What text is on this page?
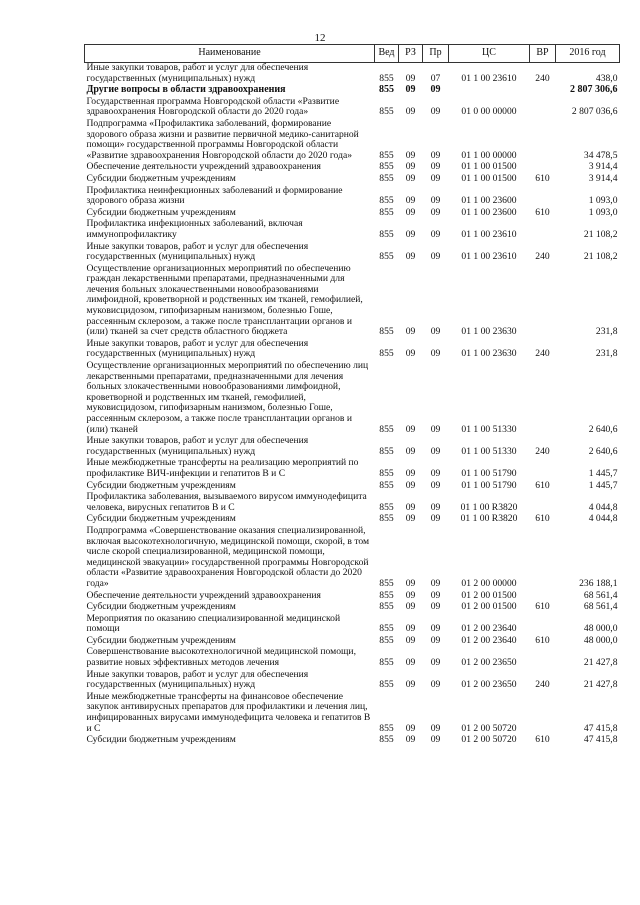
12
Наименование	Вед	РЗ	Пр	ЦС	ВР	2016 год
Иные закупки товаров, работ и услуг для обеспечения государственных (муниципальных) нужд	855	09	07	01 1 00 23610	240	438,0
Другие вопросы в области здравоохранения	855	09	09			2 807 306,6
Государственная программа Новгородской области «Развитие здравоохранения Новгородской области до 2020 года»	855	09	09	01 0 00 00000		2 807 036,6
Подпрограмма «Профилактика заболеваний, формирование здорового образа жизни и развитие первичной медико-санитарной помощи» государственной программы Новгородской области «Развитие здравоохранения Новгородской области до 2020 года»	855	09	09	01 1 00 00000		34 478,5
Обеспечение деятельности учреждений здравоохранения	855	09	09	01 1 00 01500		3 914,4
Субсидии бюджетным учреждениям	855	09	09	01 1 00 01500	610	3 914,4
Профилактика неинфекционных заболеваний и формирование здорового образа жизни	855	09	09	01 1 00 23600		1 093,0
Субсидии бюджетным учреждениям	855	09	09	01 1 00 23600	610	1 093,0
Профилактика инфекционных заболеваний, включая иммунопрофилактику	855	09	09	01 1 00 23610		21 108,2
Иные закупки товаров, работ и услуг для обеспечения государственных (муниципальных) нужд	855	09	09	01 1 00 23610	240	21 108,2
Осуществление организационных мероприятий по обеспечению граждан лекарственными препаратами, предназначенными для лечения больных злокачественными новообразованиями лимфоидной, кроветворной и родственных им тканей, гемофилией, муковисцидозом, гипофизарным нанизмом, болезнью Гоше, рассеянным склерозом, а также после трансплантации органов и (или) тканей за счет средств областного бюджета	855	09	09	01 1 00 23630		231,8
Иные закупки товаров, работ и услуг для обеспечения государственных (муниципальных) нужд	855	09	09	01 1 00 23630	240	231,8
Осуществление организационных мероприятий по обеспечению лиц лекарственными препаратами, предназначенными для лечения больных злокачественными новообразованиями лимфоидной, кроветворной и родственных им тканей, гемофилией, муковисцидозом, гипофизарным нанизмом, болезнью Гоше, рассеянным склерозом, а также после трансплантации органов и (или) тканей	855	09	09	01 1 00 51330		2 640,6
Иные закупки товаров, работ и услуг для обеспечения государственных (муниципальных) нужд	855	09	09	01 1 00 51330	240	2 640,6
Иные межбюджетные трансферты на реализацию мероприятий по профилактике ВИЧ-инфекции и гепатитов В и С	855	09	09	01 1 00 51790		1 445,7
Субсидии бюджетным учреждениям	855	09	09	01 1 00 51790	610	1 445,7
Профилактика заболевания, вызываемого вирусом иммунодефицита человека, вирусных гепатитов В и С	855	09	09	01 1 00 R3820		4 044,8
Субсидии бюджетным учреждениям	855	09	09	01 1 00 R3820	610	4 044,8
Подпрограмма «Совершенствование оказания специализированной, включая высокотехнологичную, медицинской помощи, скорой, в том числе скорой специализированной, медицинской помощи, медицинской эвакуации» государственной программы Новгородской области «Развитие здравоохранения Новгородской области до 2020 года»	855	09	09	01 2 00 00000		236 188,1
Обеспечение деятельности учреждений здравоохранения	855	09	09	01 2 00 01500		68 561,4
Субсидии бюджетным учреждениям	855	09	09	01 2 00 01500	610	68 561,4
Мероприятия по оказанию специализированной медицинской помощи	855	09	09	01 2 00 23640		48 000,0
Субсидии бюджетным учреждениям	855	09	09	01 2 00 23640	610	48 000,0
Совершенствование высокотехнологичной медицинской помощи, развитие новых эффективных методов лечения	855	09	09	01 2 00 23650		21 427,8
Иные закупки товаров, работ и услуг для обеспечения государственных (муниципальных) нужд	855	09	09	01 2 00 23650	240	21 427,8
Иные межбюджетные трансферты на финансовое обеспечение закупок антивирусных препаратов для профилактики и лечения лиц, инфицированных вирусами иммунодефицита человека и гепатитов В и С	855	09	09	01 2 00 50720		47 415,8
Субсидии бюджетным учреждениям	855	09	09	01 2 00 50720	610	47 415,8
